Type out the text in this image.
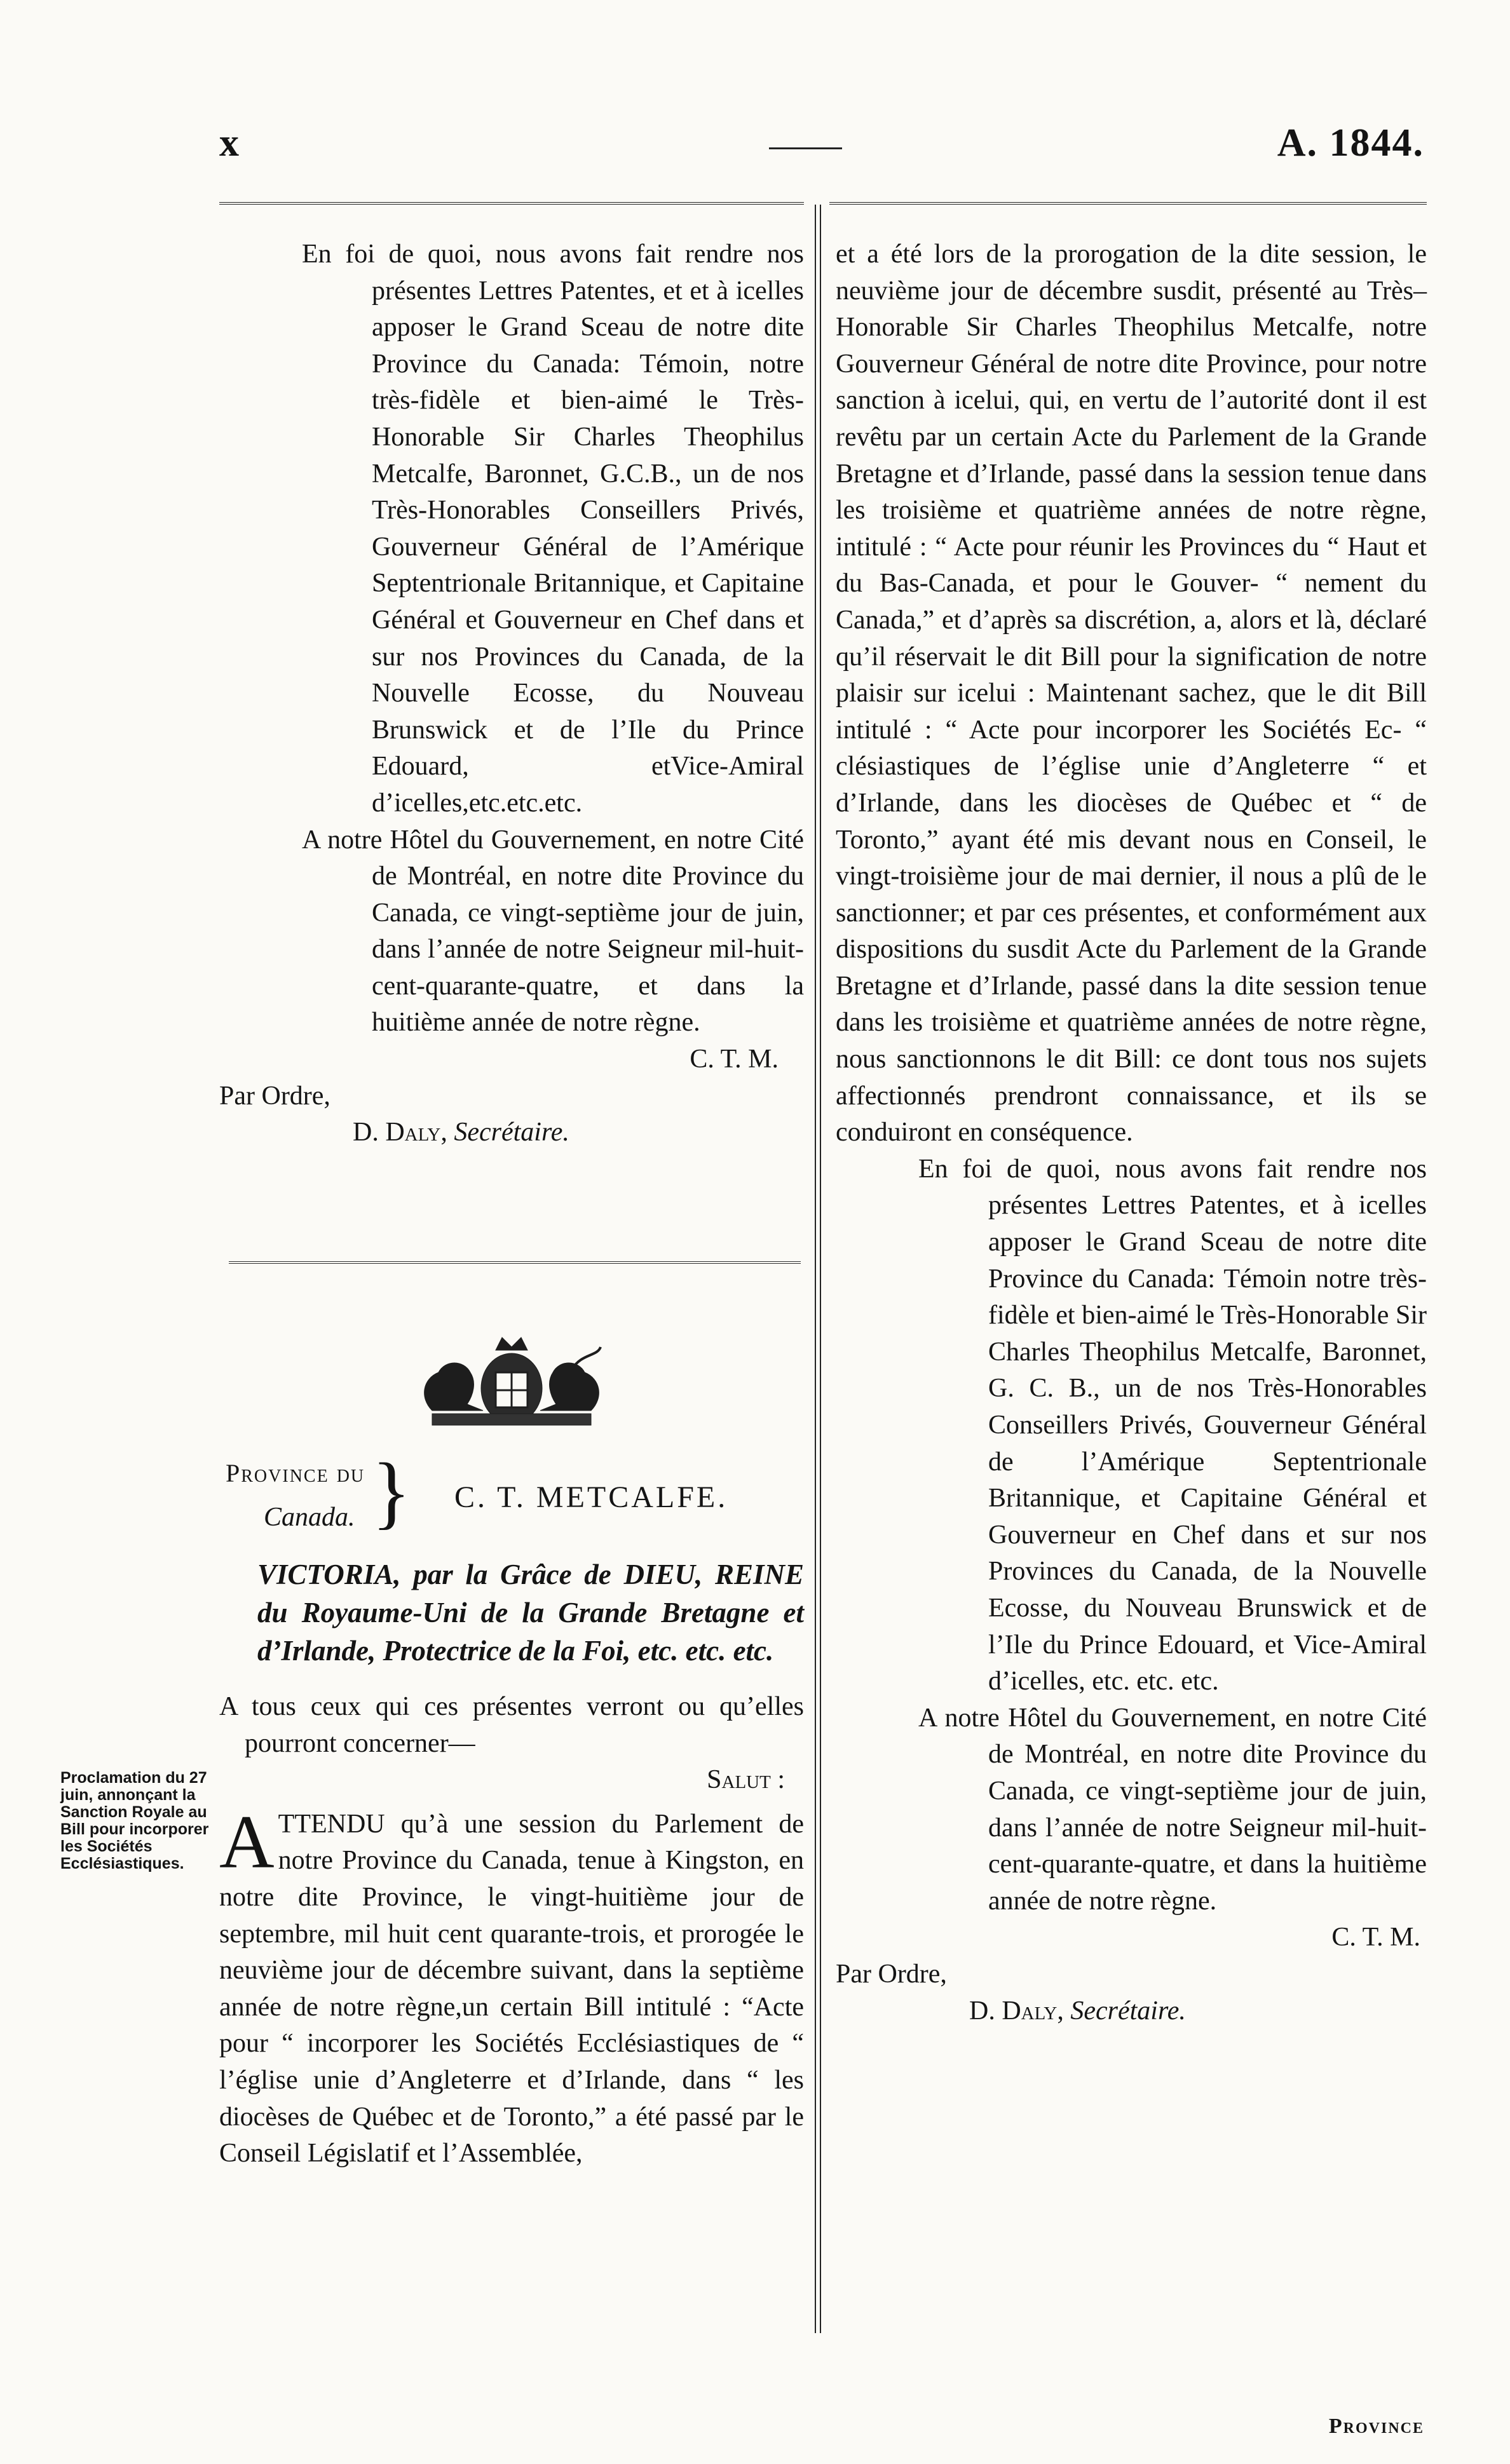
x	A. 1844.

En foi de quoi, nous avons fait rendre nos présentes Lettres Patentes, et et à icelles apposer le Grand Sceau de notre dite Province du Canada: Témoin, notre très-fidèle et bien-aimé le Très-Honorable Sir Charles Theophilus Metcalfe, Baronnet, G.C.B., un de nos Très-Honorables Conseillers Privés, Gouverneur Général de l’Amérique Septentrionale Britannique, et Capitaine Général et Gouverneur en Chef dans et sur nos Provinces du Canada, de la Nouvelle Ecosse, du Nouveau Brunswick et de l’Ile du Prince Edouard, etVice-Amiral d’icelles,etc.etc.etc.

A notre Hôtel du Gouvernement, en notre Cité de Montréal, en notre dite Province du Canada, ce vingt-septième jour de juin, dans l’année de notre Seigneur mil-huit-cent-quarante-quatre, et dans la huitième année de notre règne.

C. T. M.

Par Ordre,

D. Daly, Secrétaire.

Province du
Canada. } C. T. METCALFE.

VICTORIA, par la Grâce de DIEU, REINE du Royaume-Uni de la Grande Bretagne et d’Irlande, Protectrice de la Foi, etc. etc. etc.

A tous ceux qui ces présentes verront ou qu’elles pourront concerner—

Salut :

ATTENDU qu’à une session du Parlement de notre Province du Canada, tenue à Kingston, en notre dite Province, le vingt-huitième jour de septembre, mil huit cent quarante-trois, et prorogée le neuvième jour de décembre suivant, dans la septième année de notre règne,un certain Bill intitulé : “Acte pour “ incorporer les Sociétés Ecclésiastiques de “ l’église unie d’Angleterre et d’Irlande, dans “ les diocèses de Québec et de Toronto,” a été passé par le Conseil Législatif et l’Assemblée,

Proclamation du 27 juin, annonçant la Sanction Royale au Bill pour incorporer les Sociétés Ecclésiastiques.

et a été lors de la prorogation de la dite session, le neuvième jour de décembre susdit, présenté au Très–Honorable Sir Charles Theophilus Metcalfe, notre Gouverneur Général de notre dite Province, pour notre sanction à icelui, qui, en vertu de l’autorité dont il est revêtu par un certain Acte du Parlement de la Grande Bretagne et d’Irlande, passé dans la session tenue dans les troisième et quatrième années de notre règne, intitulé : “ Acte pour réunir les Provinces du “ Haut et du Bas-Canada, et pour le Gouver- “ nement du Canada,” et d’après sa discrétion, a, alors et là, déclaré qu’il réservait le dit Bill pour la signification de notre plaisir sur icelui : Maintenant sachez, que le dit Bill intitulé : “ Acte pour incorporer les Sociétés Ec- “ clésiastiques de l’église unie d’Angleterre “ et d’Irlande, dans les diocèses de Québec et “ de Toronto,” ayant été mis devant nous en Conseil, le vingt-troisième jour de mai dernier, il nous a plû de le sanctionner; et par ces présentes, et conformément aux dispositions du susdit Acte du Parlement de la Grande Bretagne et d’Irlande, passé dans la dite session tenue dans les troisième et quatrième années de notre règne, nous sanctionnons le dit Bill: ce dont tous nos sujets affectionnés prendront connaissance, et ils se conduiront en conséquence.

En foi de quoi, nous avons fait rendre nos présentes Lettres Patentes, et à icelles apposer le Grand Sceau de notre dite Province du Canada: Témoin notre très-fidèle et bien-aimé le Très-Honorable Sir Charles Theophilus Metcalfe, Baronnet, G. C. B., un de nos Très-Honorables Conseillers Privés, Gouverneur Général de l’Amérique Septentrionale Britannique, et Capitaine Général et Gouverneur en Chef dans et sur nos Provinces du Canada, de la Nouvelle Ecosse, du Nouveau Brunswick et de l’Ile du Prince Edouard, et Vice-Amiral d’icelles, etc. etc. etc.

A notre Hôtel du Gouvernement, en notre Cité de Montréal, en notre dite Province du Canada, ce vingt-septième jour de juin, dans l’année de notre Seigneur mil-huit-cent-quarante-quatre, et dans la huitième année de notre règne.

C. T. M.

Par Ordre,

D. Daly, Secrétaire.

Province
